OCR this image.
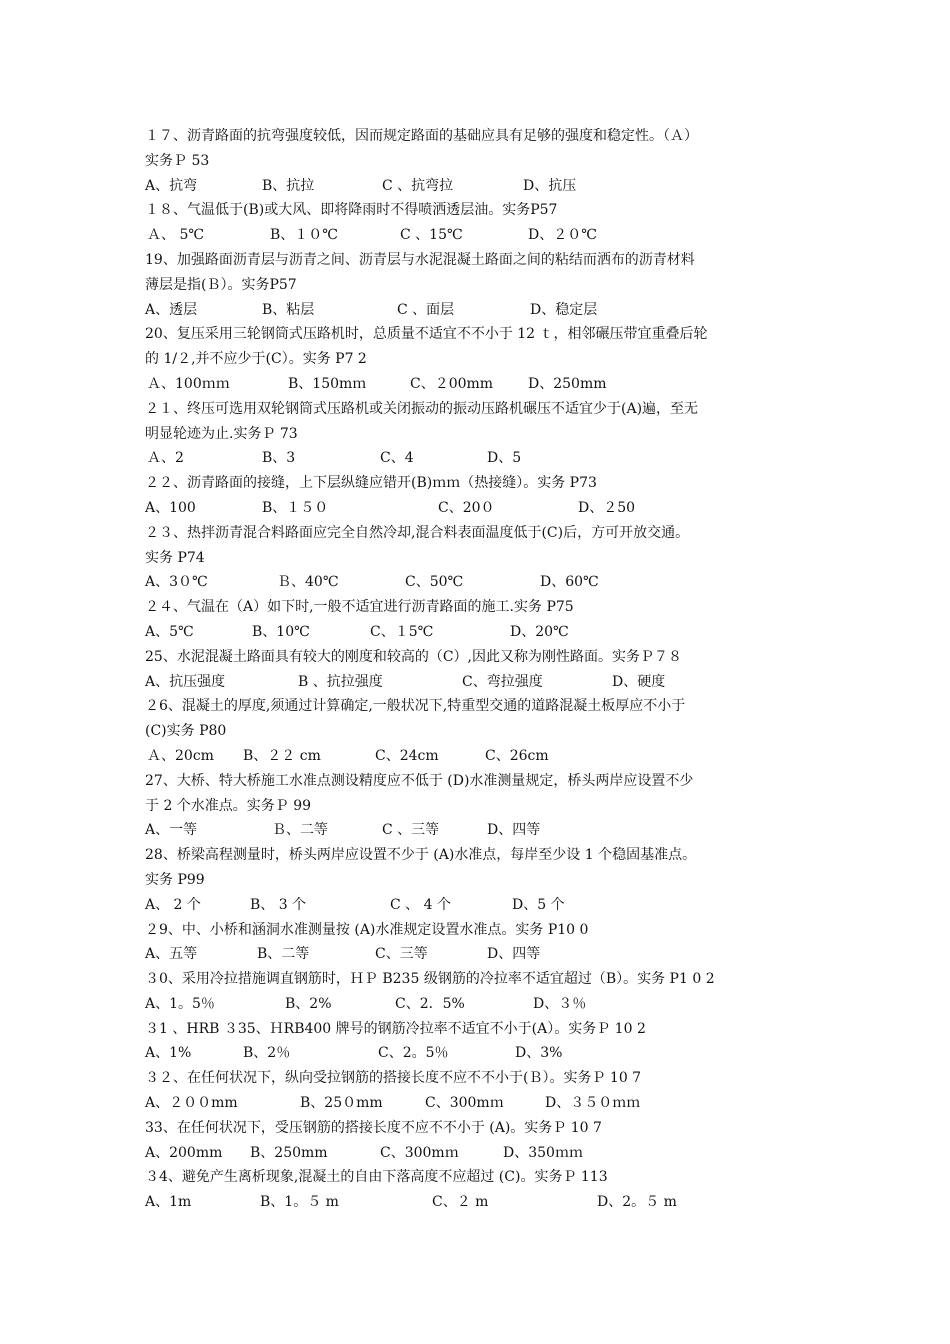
１７、沥青路面的抗弯强度较低，因而规定路面的基础应具有足够的强度和稳定性。（Ａ）
实务Ｐ 53
A、抗弯	B、抗拉	C 、抗弯拉	D、抗压
１８、气温低于(B)或大风、即将降雨时不得喷洒透层油。实务P57
Ａ、 5℃	B、１０℃	C 、15℃	D、２０℃
19、加强路面沥青层与沥青之间、沥青层与水泥混凝土路面之间的粘结而洒布的沥青材料
薄层是指(Ｂ）。实务P57
A、透层	B、粘层	C 、面层	D、稳定层
20、复压采用三轮钢筒式压路机时，总质量不适宜不不小于 12 ｔ，相邻碾压带宜重叠后轮
的 1/２,并不应少于(C）。实务 P7 2
Ａ、100ｍｍ	B、150mｍ	C、２00mm D、250mm
２１、终压可选用双轮钢筒式压路机或关闭振动的振动压路机碾压不适宜少于(A)遍，至无
明显轮迹为止.实务Ｐ 73
Ａ、2	B、3	C、4	D、5
２２、沥青路面的接缝，上下层纵缝应错开(B)ｍｍ（热接缝）。实务 P73
A、100	B、１５０	C、20０	D、２50
２３、热拌沥青混合料路面应完全自然冷却,混合料表面温度低于(C)后，方可开放交通。
实务 P74
A、3０℃	Ｂ、40℃	C、50℃	D、60℃
２４、气温在（A）如下时,一般不适宜进行沥青路面的施工.实务 P75
A、5℃	B、10℃	C、１5℃	D、20℃
25、水泥混凝土路面具有较大的刚度和较高的（C）,因此又称为刚性路面。实务Ｐ７８
A、抗压强度	B 、抗拉强度	C、弯拉强度	D、硬度
２6、混凝土的厚度,须通过计算确定,一般状况下,特重型交通的道路混凝土板厚应不小于
(C)实务 P80
Ａ、20cm B、２２ cm	C、24cm	C、26cm
27、大桥、特大桥施工水准点测设精度应不低于 (D)水准测量规定，桥头两岸应设置不少
于 2 个水准点。实务Ｐ 99
A、一等	Ｂ、二等	C 、三等	D、四等
28、桥梁高程测量时，桥头两岸应设置不少于 (A)水准点，每岸至少设 1 个稳固基准点。
实务 P99
A、 2 个	B、 3 个	C 、 4 个	D、5 个
２9、中、小桥和涵洞水准测量按 (A)水准规定设置水准点。实务 P10 0
A、五等	B、二等	C、三等	D、四等
３0、采用冷拉措施调直钢筋时，ＨＰ B235 级钢筋的冷拉率不适宜超过（B）。实务 P1 0 2
A、1。5％	B、2%	C、2．5%	D、３％
３1 、HRB ３35、ＨRB400 牌号的钢筋冷拉率不适宜不小于(A）。实务Ｐ 10 2
A、1%	B、2％	C、2。5％	D、3%
３２、在任何状况下，纵向受拉钢筋的搭接长度不应不不小于(Ｂ）。实务Ｐ 10 7
A、２００mm	B、25０mm	C、300mｍ	D、３５０ｍｍ
33、在任何状况下，受压钢筋的搭接长度不应不不小于 (A)。实务Ｐ 10 7
A、200mm B、250mm	C、300mｍ	D、350ｍｍ
３4、避免产生离析现象,混凝土的自由下落高度不应超过 (C)。实务Ｐ 113
A、1m	B、1。５ m	C、２ m	D、2。５ m
